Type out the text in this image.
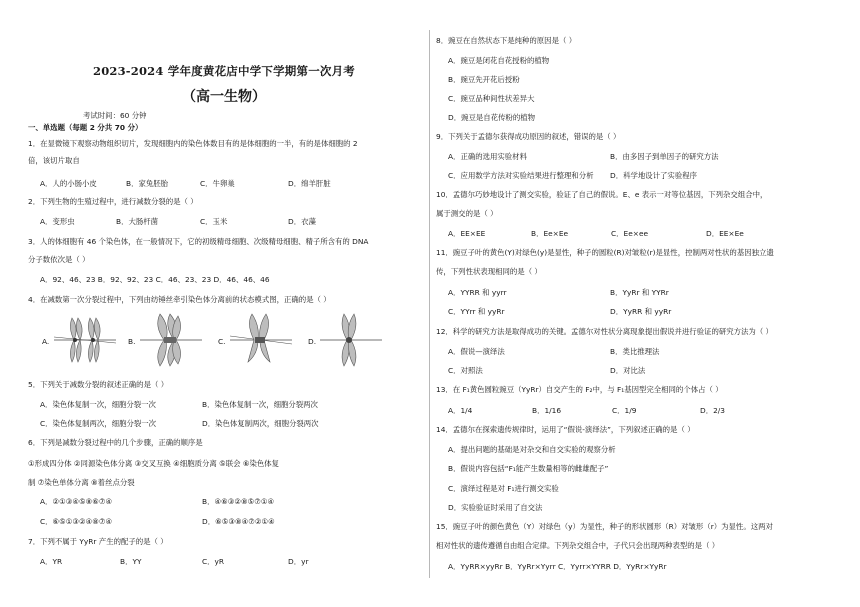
2023-2024 学年度黄花店中学下学期第一次月考
（高一生物）
考试时间：60 分钟
一、单选题（每题 2 分共 70 分）
1．在显微镜下观察动物组织切片，发现细胞内的染色体数目有的是体细胞的一半，有的是体细胞的 2
倍，该切片取自
A．人的小肠小皮	B．家兔胚胎	C．牛卵巢	D．绵羊肝脏
2．下列生物的生殖过程中，进行减数分裂的是（ ）
A．变形虫	B．大肠杆菌	C．玉米	D．衣藻
3．人的体细胞有 46 个染色体，在一般情况下，它的初级精母细胞、次级精母细胞、精子所含有的 DNA
分子数依次是（ ）
A．92、46、23 B．92、92、23 C．46、23、23 D．46、46、46
4．在减数第一次分裂过程中，下列由纺锤丝牵引染色体分离前的状态模式图，正确的是（ ）
A.	B.	C.	D.
5．下列关于减数分裂的叙述正确的是（ ）
A．染色体复制一次，细胞分裂一次	B．染色体复制一次，细胞分裂两次
C．染色体复制两次，细胞分裂一次	D．染色体复制两次，细胞分裂两次
6．下列是减数分裂过程中的几个步骤，正确的顺序是
①形成四分体 ②同源染色体分离 ③交叉互换 ④细胞质分离 ⑤联会 ⑥染色体复
制 ⑦染色单体分离 ⑧着丝点分裂
A．②①③④⑤⑧⑥⑦④	B．④⑥③②⑧⑤⑦①④
C．⑥⑤①③②④⑧⑦④	D．⑥⑤③⑧④⑦②①④
7．下列不属于 YyRr 产生的配子的是（ ）
A．YR	B．YY	C．yR	D．yr
8．豌豆在自然状态下是纯种的原因是（ ）
A．豌豆是闭花自花授粉的植物
B．豌豆先开花后授粉
C．豌豆品种间性状差异大
D．豌豆是自花传粉的植物
9．下列关于孟德尔获得成功原因的叙述，错误的是（ ）
A．正确的选用实验材料	B．由多因子到单因子的研究方法
C．应用数学方法对实验结果进行整理和分析 D．科学地设计了实验程序
10．孟德尔巧妙地设计了测交实验，验证了自己的假说。E、e 表示一对等位基因，下列杂交组合中，
属于测交的是（ ）
A．EE×EE	B．Ee×Ee	C．Ee×ee	D．EE×Ee
11．豌豆子叶的黄色(Y)对绿色(y)是显性，种子的圆粒(R)对皱粒(r)是显性，控制两对性状的基因独立遗
传，下列性状表现相同的是（ ）
A．YYRR 和 yyrr	B．YyRr 和 YYRr
C．YYrr 和 yyRr	D．YyRR 和 yyRr
12．科学的研究方法是取得成功的关键。孟德尔对性状分离现象提出假说并进行验证的研究方法为（ ）
A．假说—演绎法	B．类比推理法
C．对照法	D．对比法
13．在 F₁黄色圆粒豌豆（YyRr）自交产生的 F₂中，与 F₁基因型完全相同的个体占（ ）
A．1/4	B．1/16	C．1/9	D．2/3
14．孟德尔在探索遗传规律时，运用了“假说-演绎法”，下列叙述正确的是（ ）
A．提出问题的基础是对杂交和自交实验的观察分析
B．假说内容包括“F₁能产生数量相等的雌雄配子”
C．演绎过程是对 F₁进行测交实验
D．实验验证时采用了自交法
15．豌豆子叶的颜色黄色（Y）对绿色（y）为显性，种子的形状圆形（R）对皱形（r）为显性。这两对
相对性状的遗传遵循自由组合定律。下列杂交组合中，子代只会出现两种表型的是（ ）
A．YyRR×yyRr B．YyRr×Yyrr C．Yyrr×YYRR D．YyRr×YyRr
